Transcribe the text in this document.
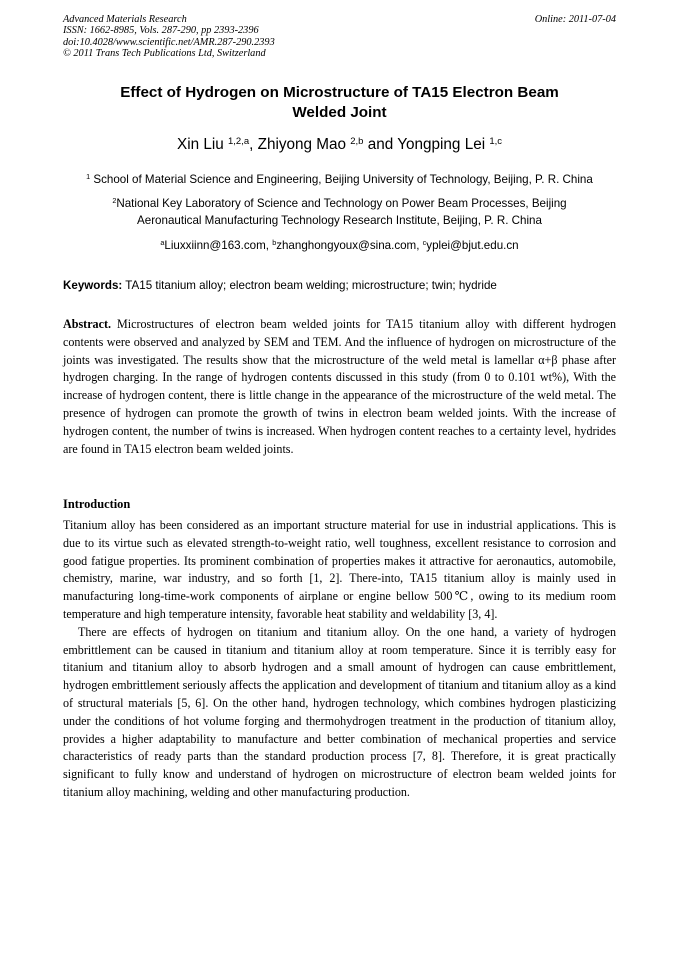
Advanced Materials Research
ISSN: 1662-8985, Vols. 287-290, pp 2393-2396
doi:10.4028/www.scientific.net/AMR.287-290.2393
© 2011 Trans Tech Publications Ltd, Switzerland
Online: 2011-07-04
Effect of Hydrogen on Microstructure of TA15 Electron Beam
Welded Joint
Xin Liu $^{1,2,a}$, Zhiyong Mao $^{2,b}$ and Yongping Lei $^{1,c}$
$^1$ School of Material Science and Engineering, Beijing University of Technology, Beijing, P. R. China
$^2$National Key Laboratory of Science and Technology on Power Beam Processes, Beijing
Aeronautical Manufacturing Technology Research Institute, Beijing, P. R. China
$^a$Liuxxiinn@163.com, $^b$zhanghongyoux@sina.com, $^c$yplei@bjut.edu.cn
Keywords: TA15 titanium alloy; electron beam welding; microstructure; twin; hydride
Abstract. Microstructures of electron beam welded joints for TA15 titanium alloy with different hydrogen contents were observed and analyzed by SEM and TEM. And the influence of hydrogen on microstructure of the joints was investigated. The results show that the microstructure of the weld metal is lamellar α+β phase after hydrogen charging. In the range of hydrogen contents discussed in this study (from 0 to 0.101 wt%), With the increase of hydrogen content, there is little change in the appearance of the microstructure of the weld metal. The presence of hydrogen can promote the growth of twins in electron beam welded joints. With the increase of hydrogen content, the number of twins is increased. When hydrogen content reaches to a certainty level, hydrides are found in TA15 electron beam welded joints.
Introduction

Titanium alloy has been considered as an important structure material for use in industrial applications. This is due to its virtue such as elevated strength-to-weight ratio, well toughness, excellent resistance to corrosion and good fatigue properties. Its prominent combination of properties makes it attractive for aeronautics, automobile, chemistry, marine, war industry, and so forth [1, 2]. There-into, TA15 titanium alloy is mainly used in manufacturing long-time-work components of airplane or engine bellow 500℃, owing to its medium room temperature and high temperature intensity, favorable heat stability and weldability [3, 4].

There are effects of hydrogen on titanium and titanium alloy. On the one hand, a variety of hydrogen embrittlement can be caused in titanium and titanium alloy at room temperature. Since it is terribly easy for titanium and titanium alloy to absorb hydrogen and a small amount of hydrogen can cause embrittlement, hydrogen embrittlement seriously affects the application and development of titanium and titanium alloy as a kind of structural materials [5, 6]. On the other hand, hydrogen technology, which combines hydrogen plasticizing under the conditions of hot volume forging and thermohydrogen treatment in the production of titanium alloy, provides a higher adaptability to manufacture and better combination of mechanical properties and service characteristics of ready parts than the standard production process [7, 8]. Therefore, it is great practically significant to fully know and understand of hydrogen on microstructure of electron beam welded joints for titanium alloy machining, welding and other manufacturing production.
